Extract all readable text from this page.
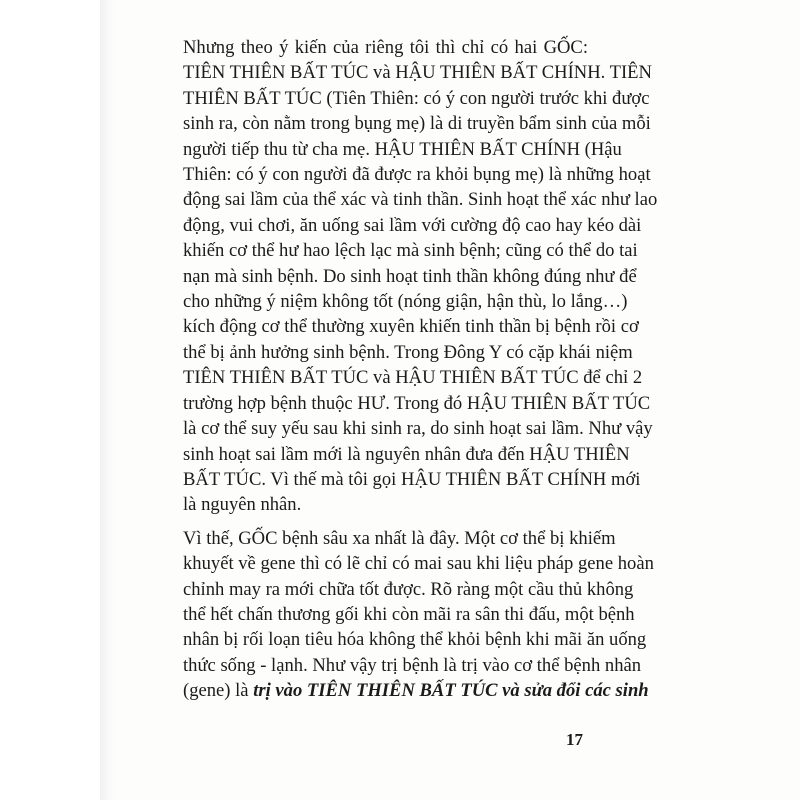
Nhưng theo ý kiến của riêng tôi thì chỉ có hai GỐC:
TIÊN THIÊN BẤT TÚC và HẬU THIÊN BẤT CHÍNH. TIÊN
THIÊN BẤT TÚC (Tiên Thiên: có ý con người trước khi được
sinh ra, còn nằm trong bụng mẹ) là di truyền bẩm sinh của mỗi
người tiếp thu từ cha mẹ. HẬU THIÊN BẤT CHÍNH (Hậu
Thiên: có ý con người đã được ra khỏi bụng mẹ) là những hoạt
động sai lầm của thể xác và tinh thần. Sinh hoạt thể xác như lao
động, vui chơi, ăn uống sai lầm với cường độ cao hay kéo dài
khiến cơ thể hư hao lệch lạc mà sinh bệnh; cũng có thể do tai
nạn mà sinh bệnh. Do sinh hoạt tinh thần không đúng như để
cho những ý niệm không tốt (nóng giận, hận thù, lo lắng…)
kích động cơ thể thường xuyên khiến tinh thần bị bệnh rồi cơ
thể bị ảnh hưởng sinh bệnh. Trong Đông Y có cặp khái niệm
TIÊN THIÊN BẤT TÚC và HẬU THIÊN BẤT TÚC để chỉ 2
trường hợp bệnh thuộc HƯ. Trong đó HẬU THIÊN BẤT TÚC
là cơ thể suy yếu sau khi sinh ra, do sinh hoạt sai lầm. Như vậy
sinh hoạt sai lầm mới là nguyên nhân đưa đến HẬU THIÊN
BẤT TÚC. Vì thế mà tôi gọi HẬU THIÊN BẤT CHÍNH mới
là nguyên nhân.
Vì thế, GỐC bệnh sâu xa nhất là đây. Một cơ thể bị khiếm
khuyết về gene thì có lẽ chỉ có mai sau khi liệu pháp gene hoàn
chỉnh may ra mới chữa tốt được. Rõ ràng một cầu thủ không
thể hết chấn thương gối khi còn mãi ra sân thi đấu, một bệnh
nhân bị rối loạn tiêu hóa không thể khỏi bệnh khi mãi ăn uống
thức sống - lạnh. Như vậy trị bệnh là trị vào cơ thể bệnh nhân
(gene) là trị vào TIÊN THIÊN BẤT TÚC và sửa đổi các sinh
17
